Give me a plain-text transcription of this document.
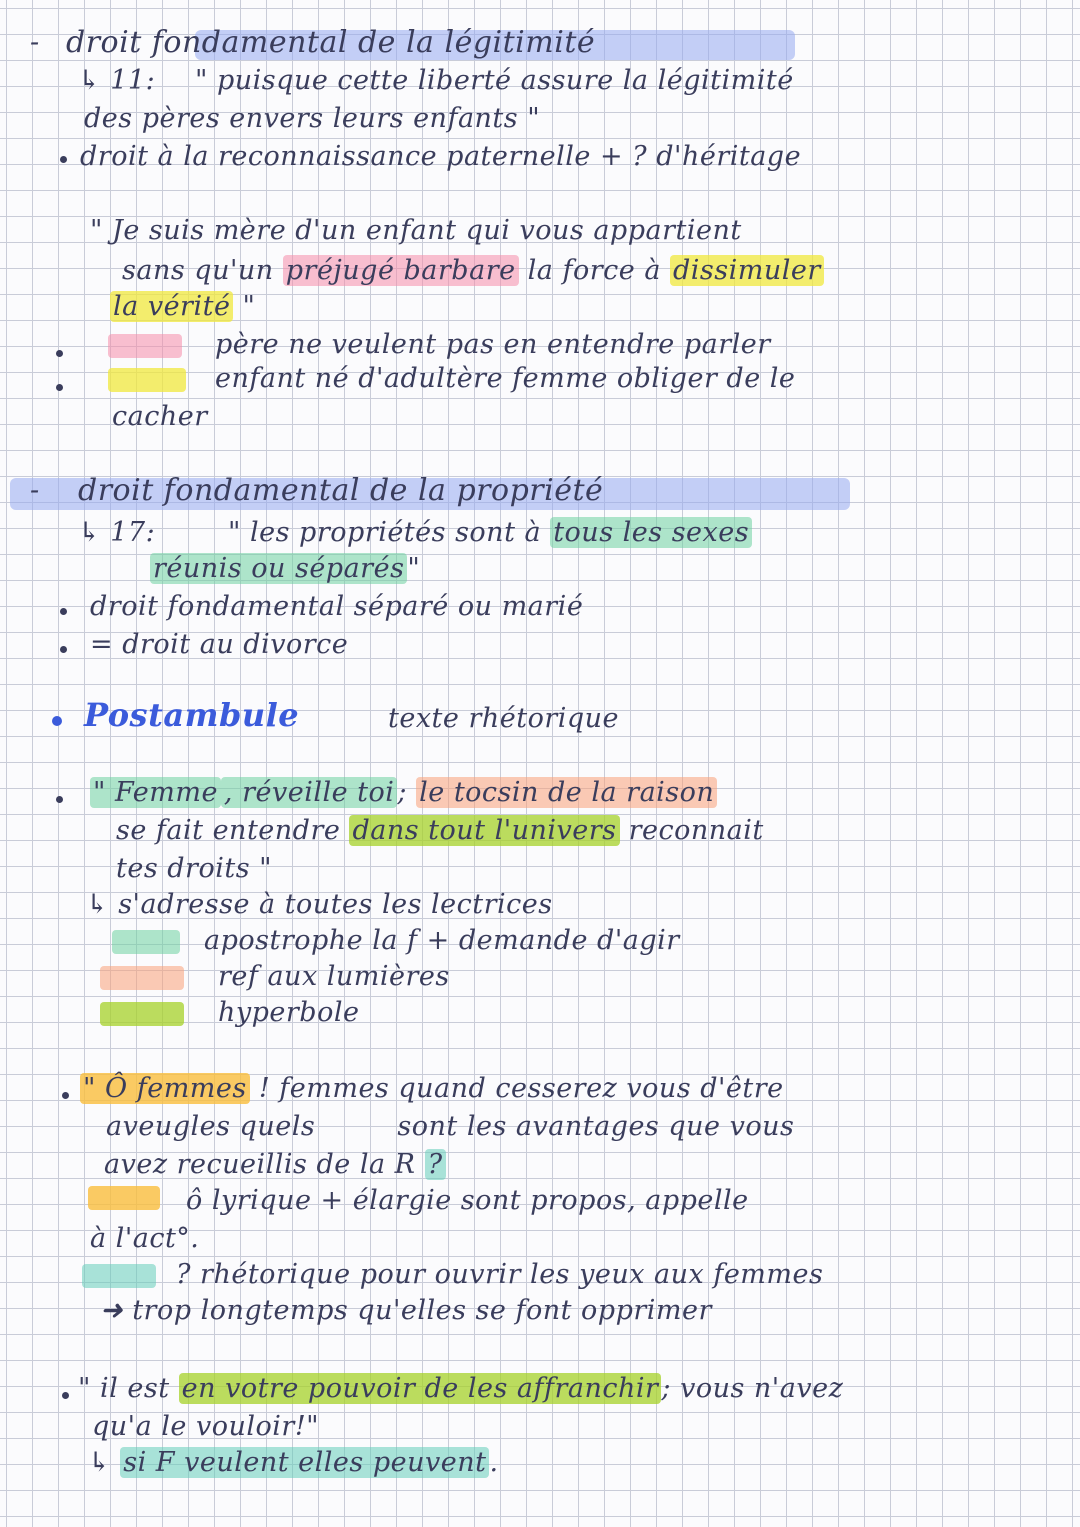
- droit fondamental de la légitimité
↳ 11: " puisque cette liberté assure la légitimité
des pères envers leurs enfants "
droit à la reconnaissance paternelle + ? d'héritage
" Je suis mère d'un enfant qui vous appartient
sans qu'un préjugé barbare la force à dissimuler
la vérité "
père ne veulent pas en entendre parler
enfant né d'adultère femme obliger de le
cacher
- droit fondamental de la propriété
↳ 17:	" les propriétés sont à tous les sexes
réunis ou séparés "
droit fondamental séparé ou marié
= droit au divorce
Postambule	texte rhétorique
" Femme , réveille toi ; le tocsin de la raison
se fait entendre dans tout l'univers reconnait
tes droits "
↳ s'adresse à toutes les lectrices
apostrophe la f + demande d'agir
ref aux lumières
hyperbole
" Ô femmes ! femmes quand cesserez vous d'être
aveugles quels	sont les avantages que vous
avez recueillis de la R ?
ô lyrique + élargie sont propos, appelle
à l'act°.
? rhétorique pour ouvrir les yeux aux femmes
➜ trop longtemps qu'elles se font opprimer
" il est en votre pouvoir de les affranchir ; vous n'avez
qu'a le vouloir!"
↳ si F veulent elles peuvent .
